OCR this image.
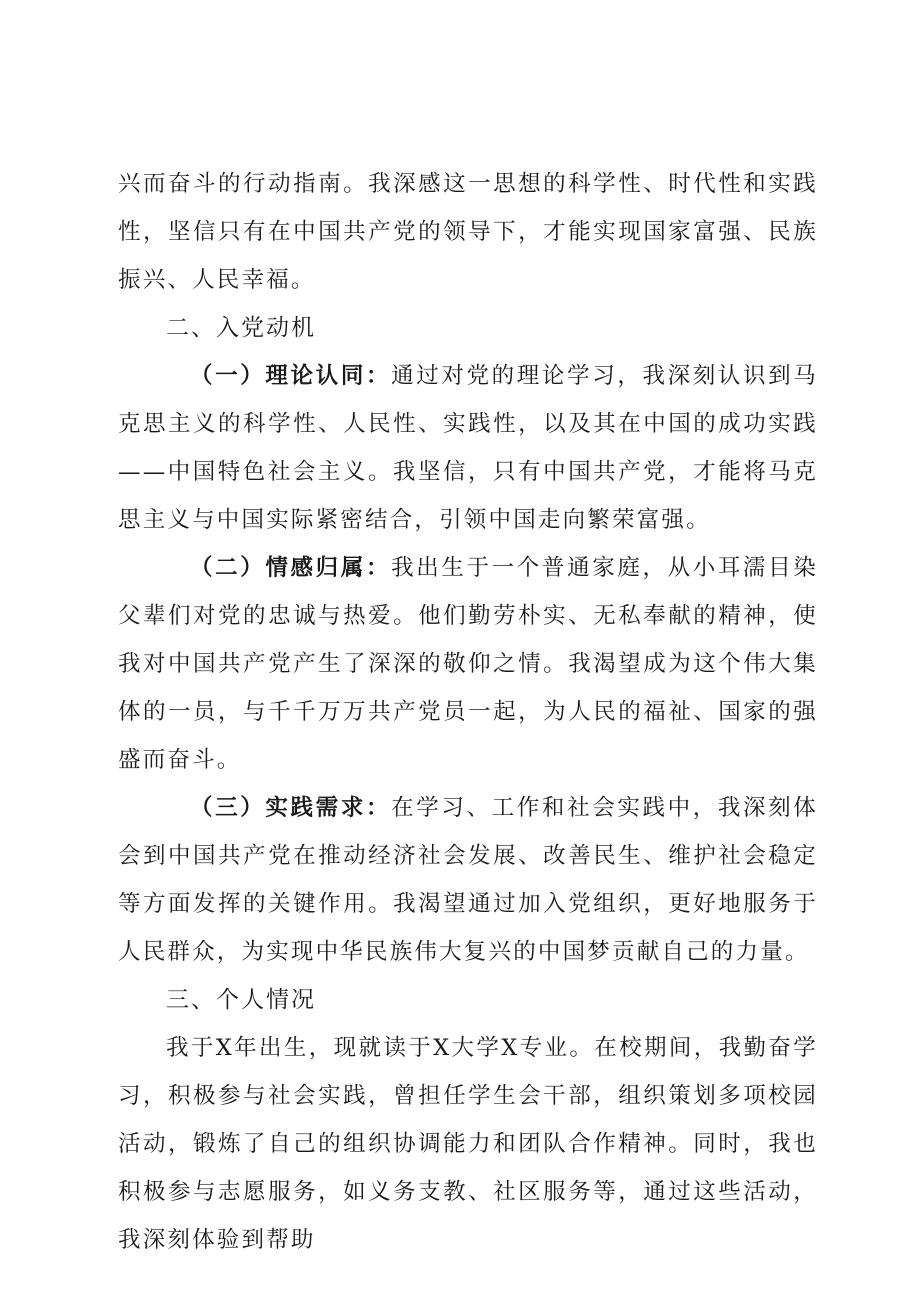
兴而奋斗的行动指南。我深感这一思想的科学性、时代性和实践性，坚信只有在中国共产党的领导下，才能实现国家富强、民族振兴、人民幸福。

二、入党动机

（一）理论认同：通过对党的理论学习，我深刻认识到马克思主义的科学性、人民性、实践性，以及其在中国的成功实践——中国特色社会主义。我坚信，只有中国共产党，才能将马克思主义与中国实际紧密结合，引领中国走向繁荣富强。

（二）情感归属：我出生于一个普通家庭，从小耳濡目染父辈们对党的忠诚与热爱。他们勤劳朴实、无私奉献的精神，使我对中国共产党产生了深深的敬仰之情。我渴望成为这个伟大集体的一员，与千千万万共产党员一起，为人民的福祉、国家的强盛而奋斗。

（三）实践需求：在学习、工作和社会实践中，我深刻体会到中国共产党在推动经济社会发展、改善民生、维护社会稳定等方面发挥的关键作用。我渴望通过加入党组织，更好地服务于人民群众，为实现中华民族伟大复兴的中国梦贡献自己的力量。

三、个人情况

我于X年出生，现就读于X大学X专业。在校期间，我勤奋学习，积极参与社会实践，曾担任学生会干部，组织策划多项校园活动，锻炼了自己的组织协调能力和团队合作精神。同时，我也积极参与志愿服务，如义务支教、社区服务等，通过这些活动，我深刻体验到帮助
